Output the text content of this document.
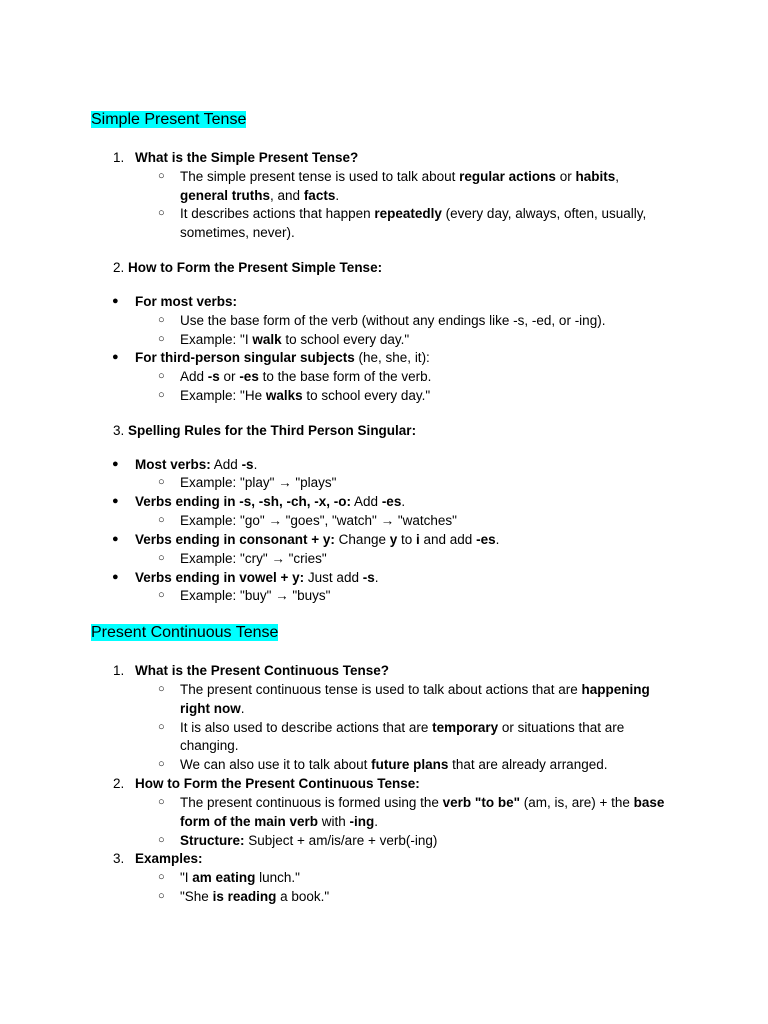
Simple Present Tense
1. What is the Simple Present Tense?
○ The simple present tense is used to talk about regular actions or habits,
general truths, and facts.
○ It describes actions that happen repeatedly (every day, always, often, usually,
sometimes, never).
2. How to Form the Present Simple Tense:
● For most verbs:
○ Use the base form of the verb (without any endings like -s, -ed, or -ing).
○ Example: "I walk to school every day."
● For third-person singular subjects (he, she, it):
○ Add -s or -es to the base form of the verb.
○ Example: "He walks to school every day."
3. Spelling Rules for the Third Person Singular:
● Most verbs: Add -s.
○ Example: "play" → "plays"
● Verbs ending in -s, -sh, -ch, -x, -o: Add -es.
○ Example: "go" → "goes", "watch" → "watches"
● Verbs ending in consonant + y: Change y to i and add -es.
○ Example: "cry" → "cries"
● Verbs ending in vowel + y: Just add -s.
○ Example: "buy" → "buys"
Present Continuous Tense
1. What is the Present Continuous Tense?
○ The present continuous tense is used to talk about actions that are happening
right now.
○ It is also used to describe actions that are temporary or situations that are
changing.
○ We can also use it to talk about future plans that are already arranged.
2. How to Form the Present Continuous Tense:
○ The present continuous is formed using the verb "to be" (am, is, are) + the base
form of the main verb with -ing.
○ Structure: Subject + am/is/are + verb(-ing)
3. Examples:
○ "I am eating lunch."
○ "She is reading a book."
